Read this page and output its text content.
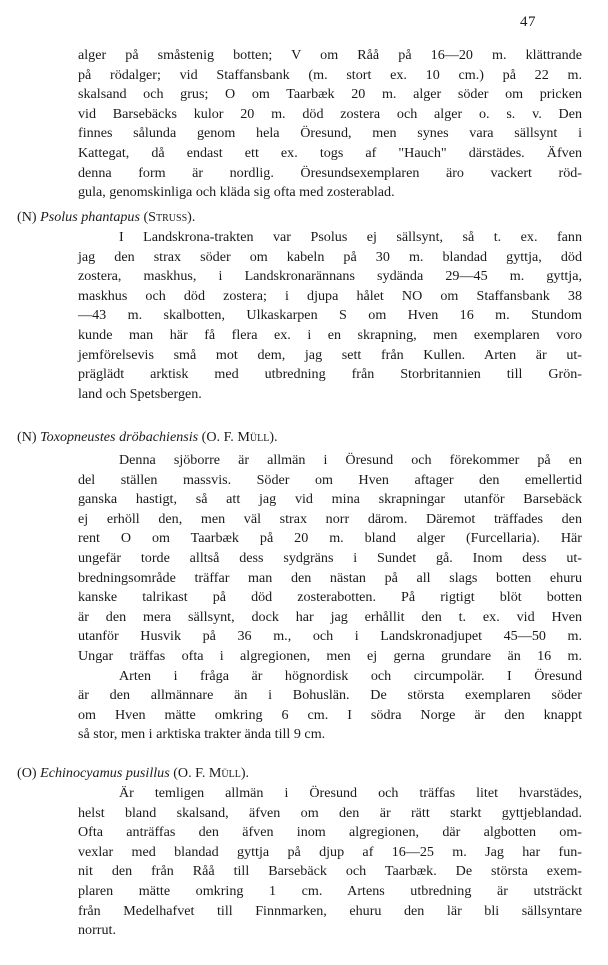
47
alger på småstenig botten; V om Råå på 16—20 m. klättrande
på rödalger; vid Staffansbank (m. stort ex. 10 cm.) på 22 m.
skalsand och grus; O om Taarbæk 20 m. alger söder om pricken
vid Barsebäcks kulor 20 m. död zostera och alger o. s. v. Den
finnes sålunda genom hela Öresund, men synes vara sällsynt i
Kattegat, då endast ett ex. togs af "Hauch" därstädes. Äfven
denna form är nordlig. Öresundsexemplaren äro vackert röd-
gula, genomskinliga och kläda sig ofta med zosterablad.
(N) Psolus phantapus (Struss).
I Landskrona-trakten var Psolus ej sällsynt, så t. ex. fann
jag den strax söder om kabeln på 30 m. blandad gyttja, död
zostera, maskhus, i Landskronarännans sydända 29—45 m. gyttja,
maskhus och död zostera; i djupa hålet NO om Staffansbank 38
—43 m. skalbotten, Ulkaskarpen S om Hven 16 m. Stundom
kunde man här få flera ex. i en skrapning, men exemplaren voro
jemförelsevis små mot dem, jag sett från Kullen. Arten är ut-
präglädt arktisk med utbredning från Storbritannien till Grön-
land och Spetsbergen.
(N) Toxopneustes dröbachiensis (O. F. Müll).
Denna sjöborre är allmän i Öresund och förekommer på en
del ställen massvis. Söder om Hven aftager den emellertid
ganska hastigt, så att jag vid mina skrapningar utanför Barsebäck
ej erhöll den, men väl strax norr därom. Däremot träffades den
rent O om Taarbæk på 20 m. bland alger (Furcellaria). Här
ungefär torde alltså dess sydgräns i Sundet gå. Inom dess ut-
bredningsområde träffar man den nästan på all slags botten ehuru
kanske talrikast på död zosterabotten. På rigtigt blöt botten
är den mera sällsynt, dock har jag erhållit den t. ex. vid Hven
utanför Husvik på 36 m., och i Landskronadjupet 45—50 m.
Ungar träffas ofta i algregionen, men ej gerna grundare än 16 m.
Arten i fråga är högnordisk och circumpolär. I Öresund
är den allmännare än i Bohuslän. De största exemplaren söder
om Hven mätte omkring 6 cm. I södra Norge är den knappt
så stor, men i arktiska trakter ända till 9 cm.
(O) Echinocyamus pusillus (O. F. Müll).
Är temligen allmän i Öresund och träffas litet hvarstädes,
helst bland skalsand, äfven om den är rätt starkt gyttjeblandad.
Ofta anträffas den äfven inom algregionen, där algbotten om-
vexlar med blandad gyttja på djup af 16—25 m. Jag har fun-
nit den från Råå till Barsebäck och Taarbæk. De största exem-
plaren mätte omkring 1 cm. Artens utbredning är utsträckt
från Medelhafvet till Finnmarken, ehuru den lär bli sällsyntare
norrut.
